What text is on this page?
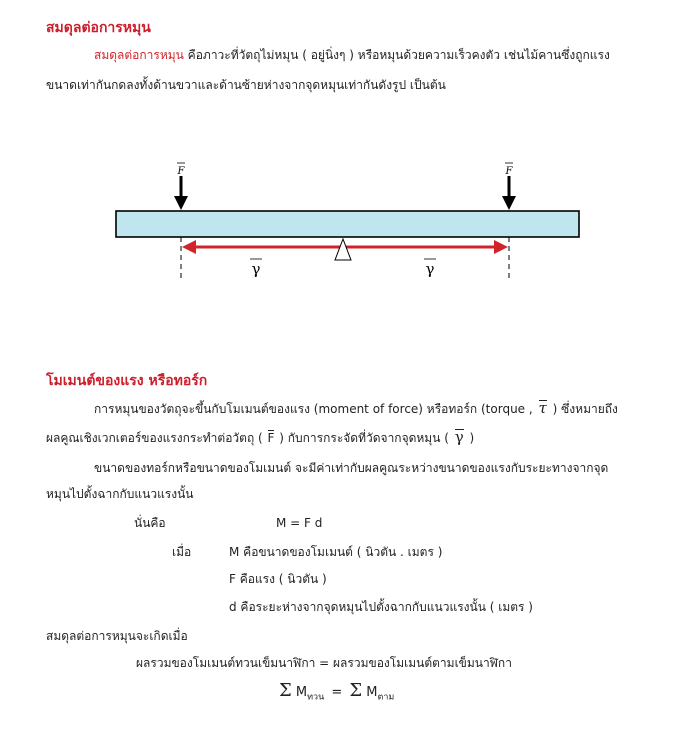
สมดุลต่อการหมุน
สมดุลต่อการหมุน คือภาวะที่วัตถุไม่หมุน ( อยู่นิ่งๆ ) หรือหมุนด้วยความเร็วคงตัว เช่นไม้คานซึ่งถูกแรง
ขนาดเท่ากันกดลงทั้งด้านขวาและด้านซ้ายห่างจากจุดหมุนเท่ากันดังรูป เป็นต้น
F	F
γ	γ
โมเมนต์ของแรง หรือทอร์ก
การหมุนของวัตถุจะขึ้นกับโมเมนต์ของแรง (moment of force) หรือทอร์ก (torque , τ ) ซึ่งหมายถึง
ผลคูณเชิงเวกเตอร์ของแรงกระทำต่อวัตถุ ( F ) กับการกระจัดที่วัดจากจุดหมุน ( γ )
ขนาดของทอร์กหรือขนาดของโมเมนต์ จะมีค่าเท่ากับผลคูณระหว่างขนาดของแรงกับระยะทางจากจุด
หมุนไปตั้งฉากกับแนวแรงนั้น
นั่นคือ	M = F d
เมื่อ	M คือขนาดของโมเมนต์ ( นิวตัน . เมตร )
F คือแรง ( นิวตัน )
d คือระยะห่างจากจุดหมุนไปตั้งฉากกับแนวแรงนั้น ( เมตร )
สมดุลต่อการหมุนจะเกิดเมื่อ
ผลรวมของโมเมนต์ทวนเข็มนาฬิกา = ผลรวมของโมเมนต์ตามเข็มนาฬิกา
Σ $M_{ทวน} = \Sigma$ $M_{ตาม}$
